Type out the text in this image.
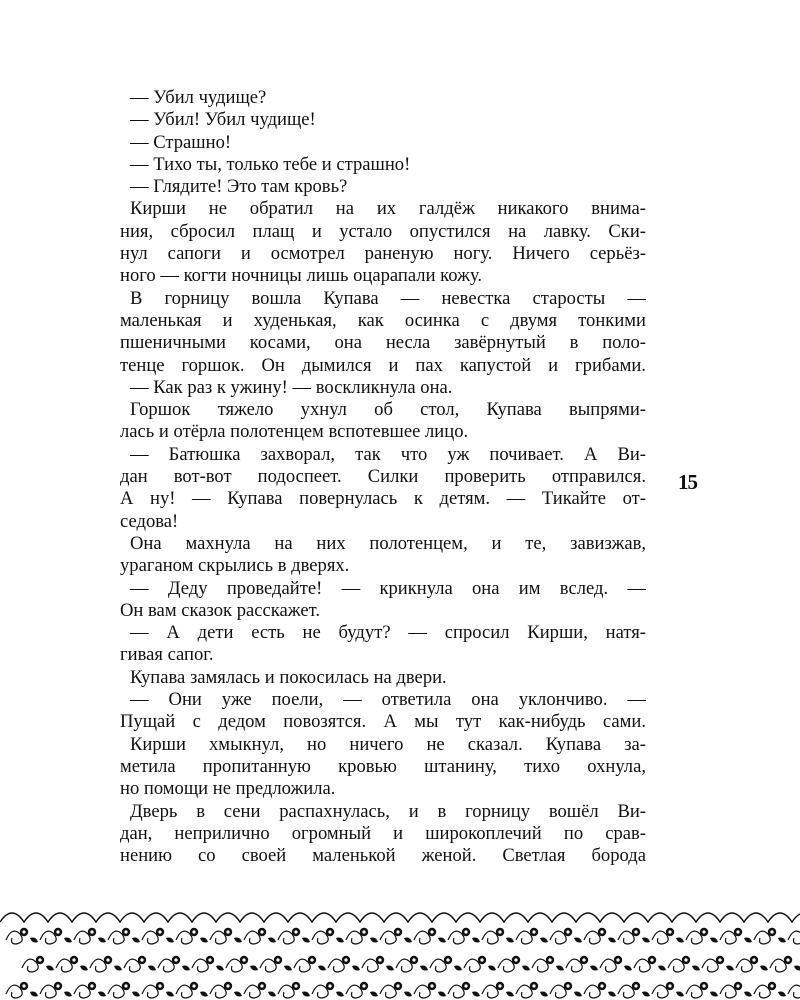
— Убил чудище?
— Убил! Убил чудище!
— Страшно!
— Тихо ты, только тебе и страшно!
— Глядите! Это там кровь?
Кирши не обратил на их галдёж никакого внима-
ния, сбросил плащ и устало опустился на лавку. Ски-
нул сапоги и осмотрел раненую ногу. Ничего серьёз-
ного — когти ночницы лишь оцарапали кожу.
В горницу вошла Купава — невестка старосты —
маленькая и худенькая, как осинка с двумя тонкими
пшеничными косами, она несла завёрнутый в поло-
тенце горшок. Он дымился и пах капустой и грибами.
— Как раз к ужину! — воскликнула она.
Горшок тяжело ухнул об стол, Купава выпрями-
лась и отёрла полотенцем вспотевшее лицо.
— Батюшка захворал, так что уж почивает. А Ви-
дан вот-вот подоспеет. Силки проверить отправился.
А ну! — Купава повернулась к детям. — Тикайте от-
седова!
Она махнула на них полотенцем, и те, завизжав,
ураганом скрылись в дверях.
— Деду проведайте! — крикнула она им вслед. —
Он вам сказок расскажет.
— А дети есть не будут? — спросил Кирши, натя-
гивая сапог.
Купава замялась и покосилась на двери.
— Они уже поели, — ответила она уклончиво. —
Пущай с дедом повозятся. А мы тут как-нибудь сами.
Кирши хмыкнул, но ничего не сказал. Купава за-
метила пропитанную кровью штанину, тихо охнула,
но помощи не предложила.
Дверь в сени распахнулась, и в горницу вошёл Ви-
дан, неприлично огромный и широкоплечий по срав-
нению со своей маленькой женой. Светлая борода
15
